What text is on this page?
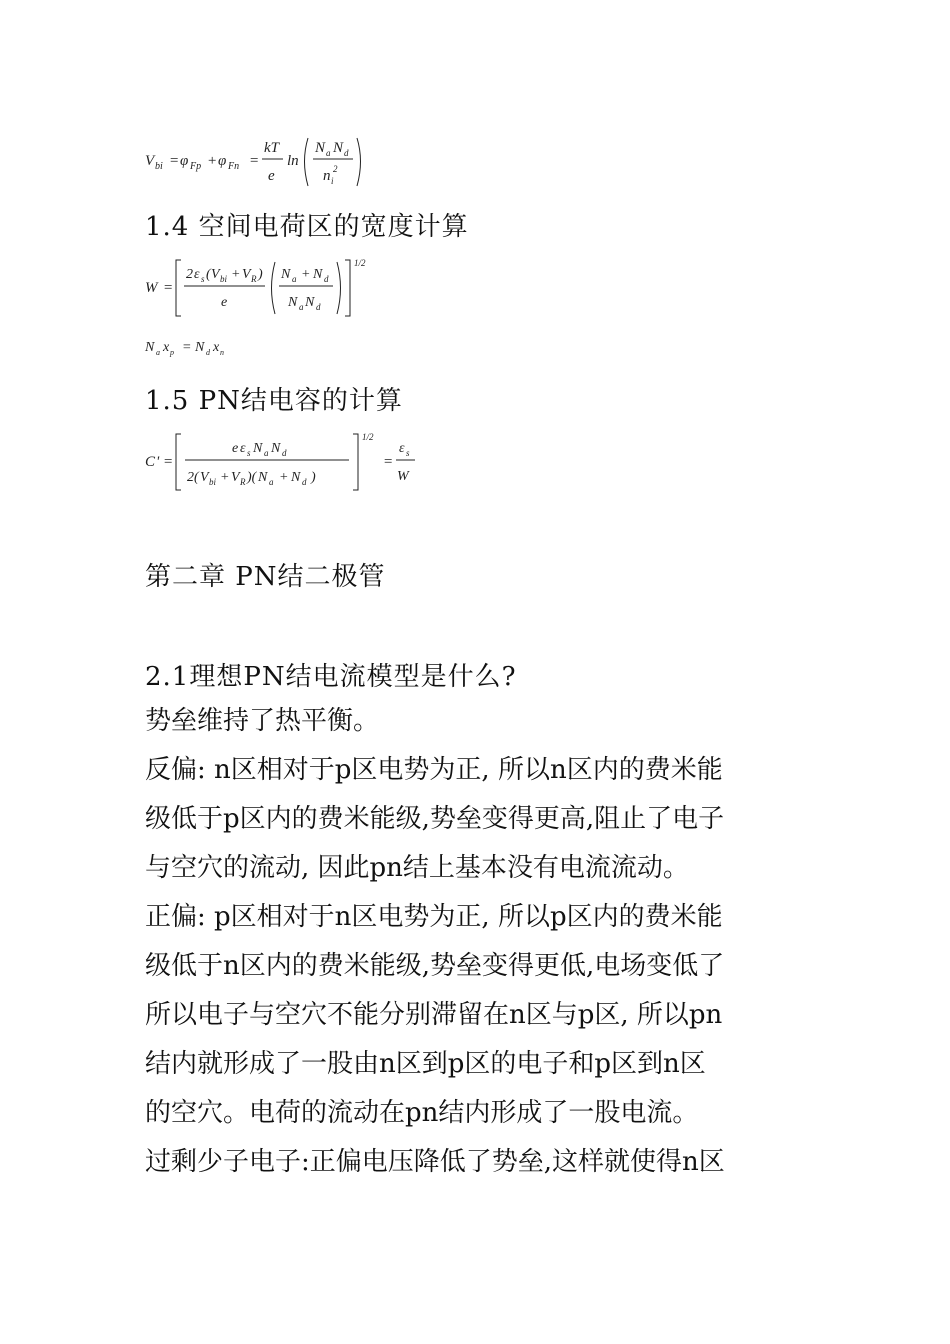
V bi = φ Fp + φ Fn =
kT
e
ln
N a N d
n i
2
1.4 空间电荷区的宽度计算
W =
2 ε s ( V bi + V R )
e
N a + N d
N a N d
1/2
N a x p = N d x n
1.5 PN结电容的计算
C ' =
e ε s N a N d
2( V bi + V R )( N a + N d )
1/2
=
ε s
W
第二章 PN结二极管
2.1理想PN结电流模型是什么?

势垒维持了热平衡。

反偏: n区相对于p区电势为正, 所以n区内的费米能

级低于p区内的费米能级,势垒变得更高,阻止了电子

与空穴的流动, 因此pn结上基本没有电流流动。

正偏: p区相对于n区电势为正, 所以p区内的费米能

级低于n区内的费米能级,势垒变得更低,电场变低了

所以电子与空穴不能分别滞留在n区与p区, 所以pn

结内就形成了一股由n区到p区的电子和p区到n区

的空穴。电荷的流动在pn结内形成了一股电流。

过剩少子电子:正偏电压降低了势垒,这样就使得n区
